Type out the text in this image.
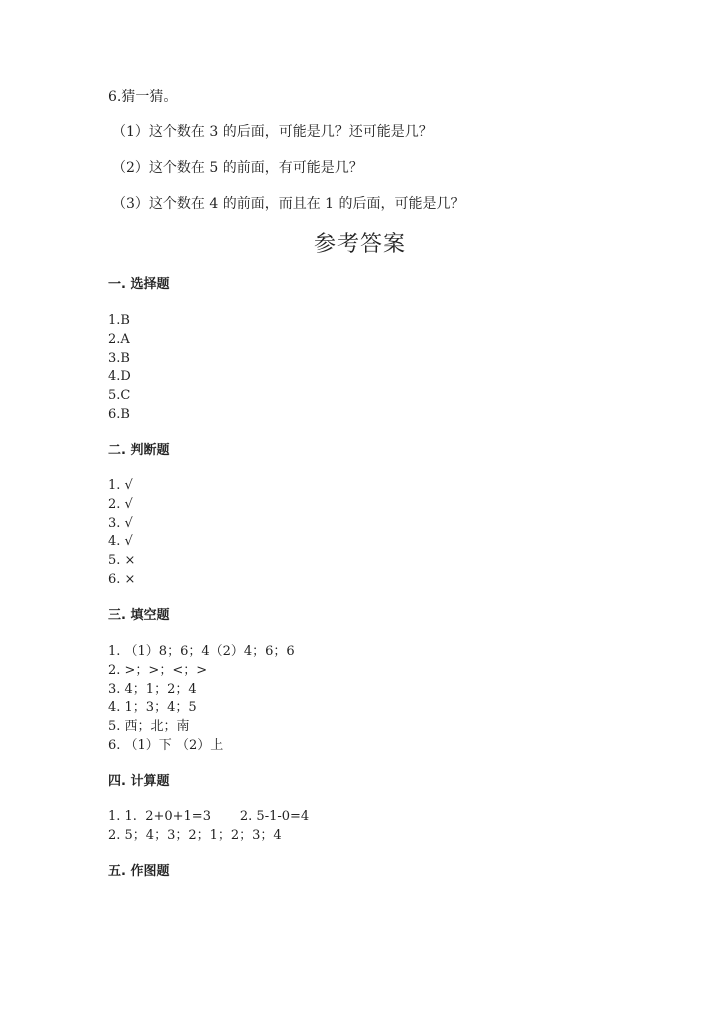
6.猜一猜。
（1）这个数在 3 的后面，可能是几？还可能是几？
（2）这个数在 5 的前面，有可能是几？
（3）这个数在 4 的前面，而且在 1 的后面，可能是几？
参考答案
一. 选择题
1.B
2.A
3.B
4.D
5.C
6.B
二. 判断题
1. √
2. √
3. √
4. √
5. ×
6. ×
三. 填空题
1. （1）8；6；4（2）4；6；6
2. >；>；<；>
3. 4；1；2；4
4. 1；3；4；5
5. 西；北；南
6. （1）下 （2）上
四. 计算题
1. 1.  2+0+1=3       2. 5-1-0=4
2. 5；4；3；2；1；2；3；4
五. 作图题
